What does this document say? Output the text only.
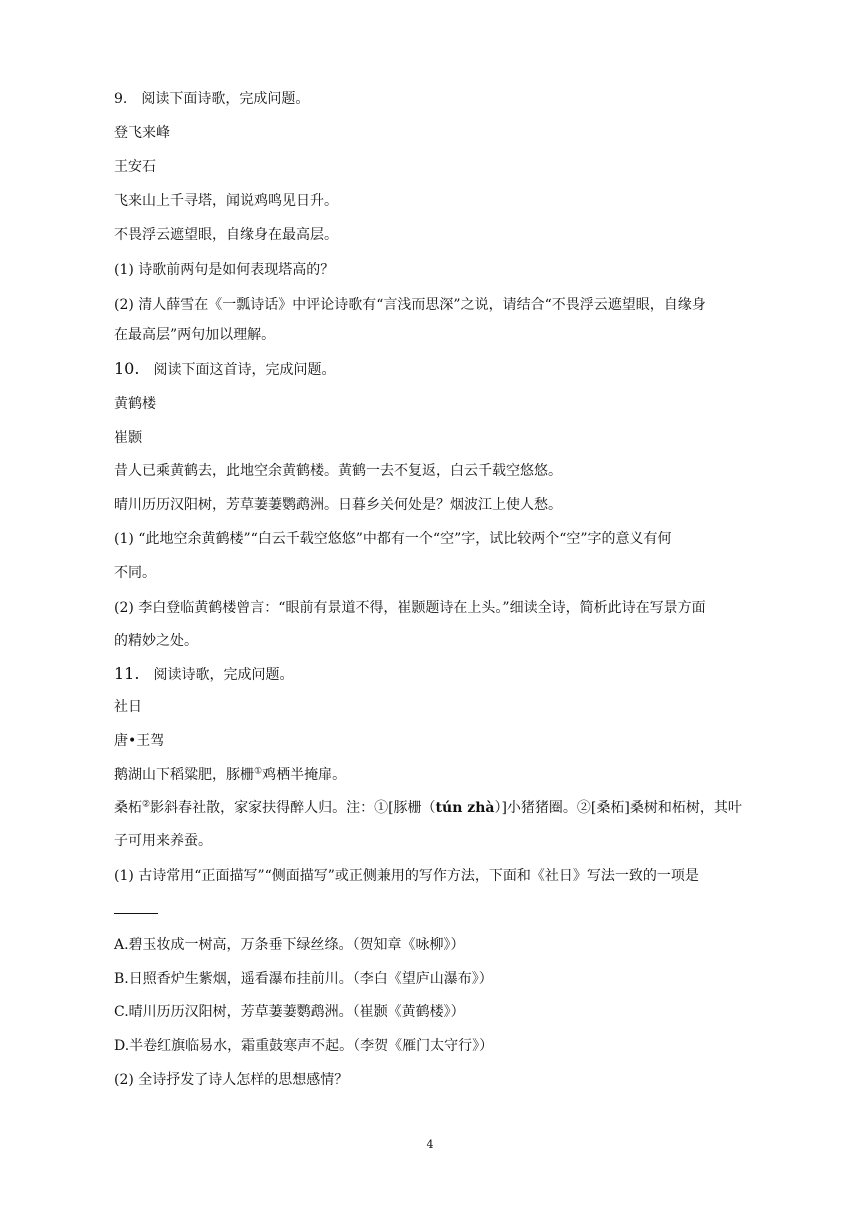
9. 阅读下面诗歌，完成问题。
登飞来峰
王安石
飞来山上千寻塔，闻说鸡鸣见日升。
不畏浮云遮望眼，自缘身在最高层。
(1) 诗歌前两句是如何表现塔高的？
(2) 清人薛雪在《一瓢诗话》中评论诗歌有“言浅而思深”之说，请结合“不畏浮云遮望眼，自缘身
在最高层”两句加以理解。
10. 阅读下面这首诗，完成问题。
黄鹤楼
崔颢
昔人已乘黄鹤去，此地空余黄鹤楼。黄鹤一去不复返，白云千载空悠悠。
晴川历历汉阳树，芳草萋萋鹦鹉洲。日暮乡关何处是？烟波江上使人愁。
(1) “此地空余黄鹤楼”“白云千载空悠悠”中都有一个“空”字，试比较两个“空”字的意义有何
不同。
(2) 李白登临黄鹤楼曾言：“眼前有景道不得，崔颢题诗在上头。”细读全诗，简析此诗在写景方面
的精妙之处。
11. 阅读诗歌，完成问题。
社日
唐•王驾
鹅湖山下稻粱肥，豚栅①鸡栖半掩扉。
桑柘②影斜春社散，家家扶得醉人归。注：①[豚栅（tún zhà）]小猪猪圈。②[桑柘]桑树和柘树，其叶
子可用来养蚕。
(1) 古诗常用“正面描写”“侧面描写”或正侧兼用的写作方法，下面和《社日》写法一致的一项是
A.碧玉妆成一树高，万条垂下绿丝绦。（贺知章《咏柳》）
B.日照香炉生紫烟，遥看瀑布挂前川。（李白《望庐山瀑布》）
C.晴川历历汉阳树，芳草萋萋鹦鹉洲。（崔颢《黄鹤楼》）
D.半卷红旗临易水，霜重鼓寒声不起。（李贺《雁门太守行》）
(2) 全诗抒发了诗人怎样的思想感情？
4
